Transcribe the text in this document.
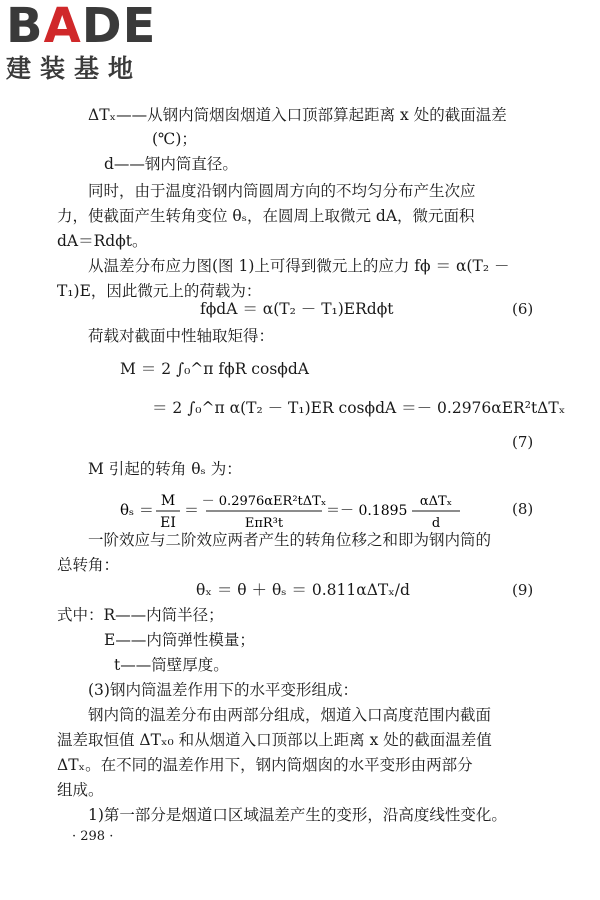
BADE
建装基地
ΔTₓ——从钢内筒烟囱烟道入口顶部算起距离 x 处的截面温差
(℃)；
d——钢内筒直径。
同时，由于温度沿钢内筒圆周方向的不均匀分布产生次应
力，使截面产生转角变位 θₛ，在圆周上取微元 dA，微元面积
dA＝Rdϕt。
从温差分布应力图(图 1)上可得到微元上的应力 fϕ ＝ α(T₂ －
T₁)E，因此微元上的荷载为：
fϕdA ＝ α(T₂ － T₁)ERdϕt	(6)
荷载对截面中性轴取矩得：
M ＝ 2 ∫₀^π fϕR cosϕdA
＝ 2 ∫₀^π α(T₂ － T₁)ER cosϕdA ＝－ 0.2976αER²tΔTₓ
(7)
M 引起的转角 θₛ 为：
θₛ ＝ M
EI
＝ － 0.2976αER²tΔTₓ
EπR³t
＝－ 0.1895
αΔTₓ
d
(8)
一阶效应与二阶效应两者产生的转角位移之和即为钢内筒的
总转角：
θₓ ＝ θ ＋ θₛ ＝ 0.811αΔTₓ/d	(9)
式中：R——内筒半径；
E——内筒弹性模量；
t——筒壁厚度。
(3)钢内筒温差作用下的水平变形组成：
钢内筒的温差分布由两部分组成，烟道入口高度范围内截面
温差取恒值 ΔTₓ₀ 和从烟道入口顶部以上距离 x 处的截面温差值
ΔTₓ。在不同的温差作用下，钢内筒烟囱的水平变形由两部分
组成。
1)第一部分是烟道口区域温差产生的变形，沿高度线性变化。
· 298 ·
